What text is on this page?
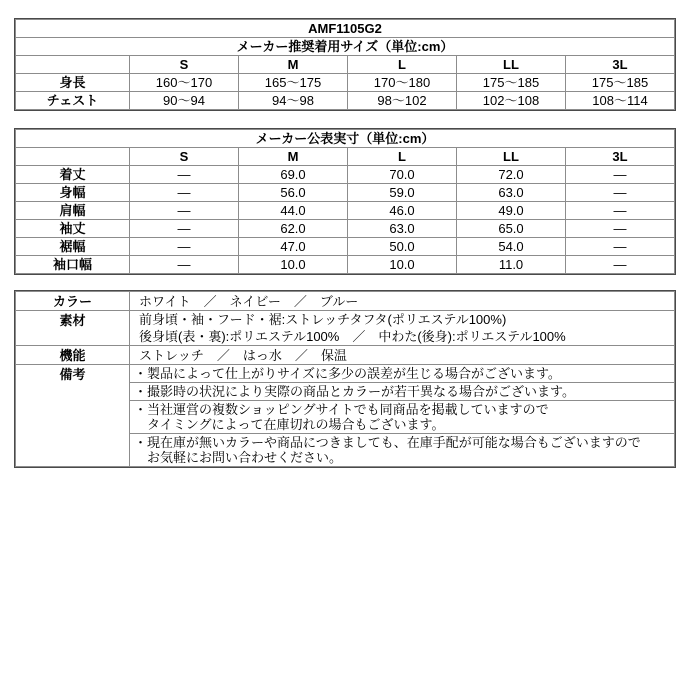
AMF1105G2					
メーカー推奨着用サイズ（単位:cm）					
	S	M	L	LL	3L
身長	160～170	165～175	170～180	175～185	175～185
チェスト	90～94	94～98	98～102	102～108	108～114
メーカー公表実寸（単位:cm）					
	S	M	L	LL	3L
着丈	―	69.0	70.0	72.0	―
身幅	―	56.0	59.0	63.0	―
肩幅	―	44.0	46.0	49.0	―
袖丈	―	62.0	63.0	65.0	―
裾幅	―	47.0	50.0	54.0	―
袖口幅	―	10.0	10.0	11.0	―
カラー	ホワイト　／　ネイビー　／　ブルー

素材	前身頃・袖・フード・裾:ストレッチタフタ(ポリエステル100%)
後身頃(表・裏):ポリエステル100%　／　中わた(後身):ポリエステル100%

機能	ストレッチ　／　はっ水　／　保温

備考	・製品によって仕上がりサイズに多少の誤差が生じる場合がございます。
・撮影時の状況により実際の商品とカラーが若干異なる場合がございます。
・当社運営の複数ショッピングサイトでも同商品を掲載していますので
タイミングによって在庫切れの場合もございます。
・現在庫が無いカラーや商品につきましても、在庫手配が可能な場合もございますので
お気軽にお問い合わせください。
